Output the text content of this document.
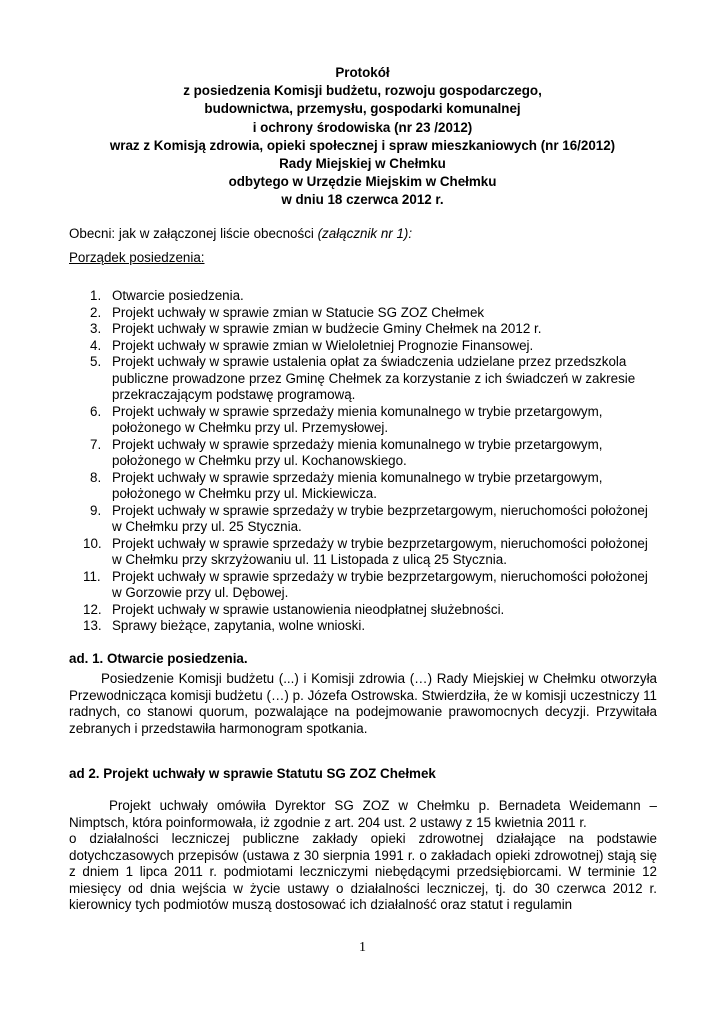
Protokół
z posiedzenia Komisji budżetu, rozwoju gospodarczego,
budownictwa, przemysłu, gospodarki komunalnej
i ochrony środowiska (nr 23 /2012)
wraz z Komisją zdrowia, opieki społecznej i spraw mieszkaniowych (nr 16/2012)
Rady Miejskiej w Chełmku
odbytego w Urzędzie Miejskim w Chełmku
w dniu 18 czerwca 2012 r.
Obecni: jak w załączonej liście obecności (załącznik nr 1):
Porządek posiedzenia:
1. Otwarcie posiedzenia.
2. Projekt uchwały w sprawie zmian w Statucie SG ZOZ Chełmek
3. Projekt uchwały w sprawie zmian w budżecie Gminy Chełmek na 2012 r.
4. Projekt uchwały w sprawie zmian w Wieloletniej Prognozie Finansowej.
5. Projekt uchwały w sprawie ustalenia opłat za świadczenia udzielane przez przedszkola
publiczne prowadzone przez Gminę Chełmek za korzystanie z ich świadczeń w zakresie
przekraczającym podstawę programową.
6. Projekt uchwały w sprawie sprzedaży mienia komunalnego w trybie przetargowym,
położonego w Chełmku przy ul. Przemysłowej.
7. Projekt uchwały w sprawie sprzedaży mienia komunalnego w trybie przetargowym,
położonego w Chełmku przy ul. Kochanowskiego.
8. Projekt uchwały w sprawie sprzedaży mienia komunalnego w trybie przetargowym,
położonego w Chełmku przy ul. Mickiewicza.
9. Projekt uchwały w sprawie sprzedaży w trybie bezprzetargowym, nieruchomości położonej
w Chełmku przy ul. 25 Stycznia.
10. Projekt uchwały w sprawie sprzedaży w trybie bezprzetargowym, nieruchomości położonej
w Chełmku przy skrzyżowaniu ul. 11 Listopada z ulicą 25 Stycznia.
11. Projekt uchwały w sprawie sprzedaży w trybie bezprzetargowym, nieruchomości położonej
w Gorzowie przy ul. Dębowej.
12. Projekt uchwały w sprawie ustanowienia nieodpłatnej służebności.
13. Sprawy bieżące, zapytania, wolne wnioski.
ad. 1. Otwarcie posiedzenia.

Posiedzenie Komisji budżetu (...) i Komisji zdrowia (…) Rady Miejskiej w Chełmku otworzyła Przewodnicząca komisji budżetu (…) p. Józefa Ostrowska. Stwierdziła, że w komisji uczestniczy 11 radnych, co stanowi quorum, pozwalające na podejmowanie prawomocnych decyzji. Przywitała zebranych i przedstawiła harmonogram spotkania.

ad 2. Projekt uchwały w sprawie Statutu SG ZOZ Chełmek

Projekt uchwały omówiła Dyrektor SG ZOZ w Chełmku p. Bernadeta Weidemann – Nimptsch, która poinformowała, iż zgodnie z art. 204 ust. 2 ustawy z 15 kwietnia 2011 r.

o działalności leczniczej publiczne zakłady opieki zdrowotnej działające na podstawie dotychczasowych przepisów (ustawa z 30 sierpnia 1991 r. o zakładach opieki zdrowotnej) stają się z dniem 1 lipca 2011 r. podmiotami leczniczymi niebędącymi przedsiębiorcami. W terminie 12 miesięcy od dnia wejścia w życie ustawy o działalności leczniczej, tj. do 30 czerwca 2012 r. kierownicy tych podmiotów muszą dostosować ich działalność oraz statut i regulamin

1
